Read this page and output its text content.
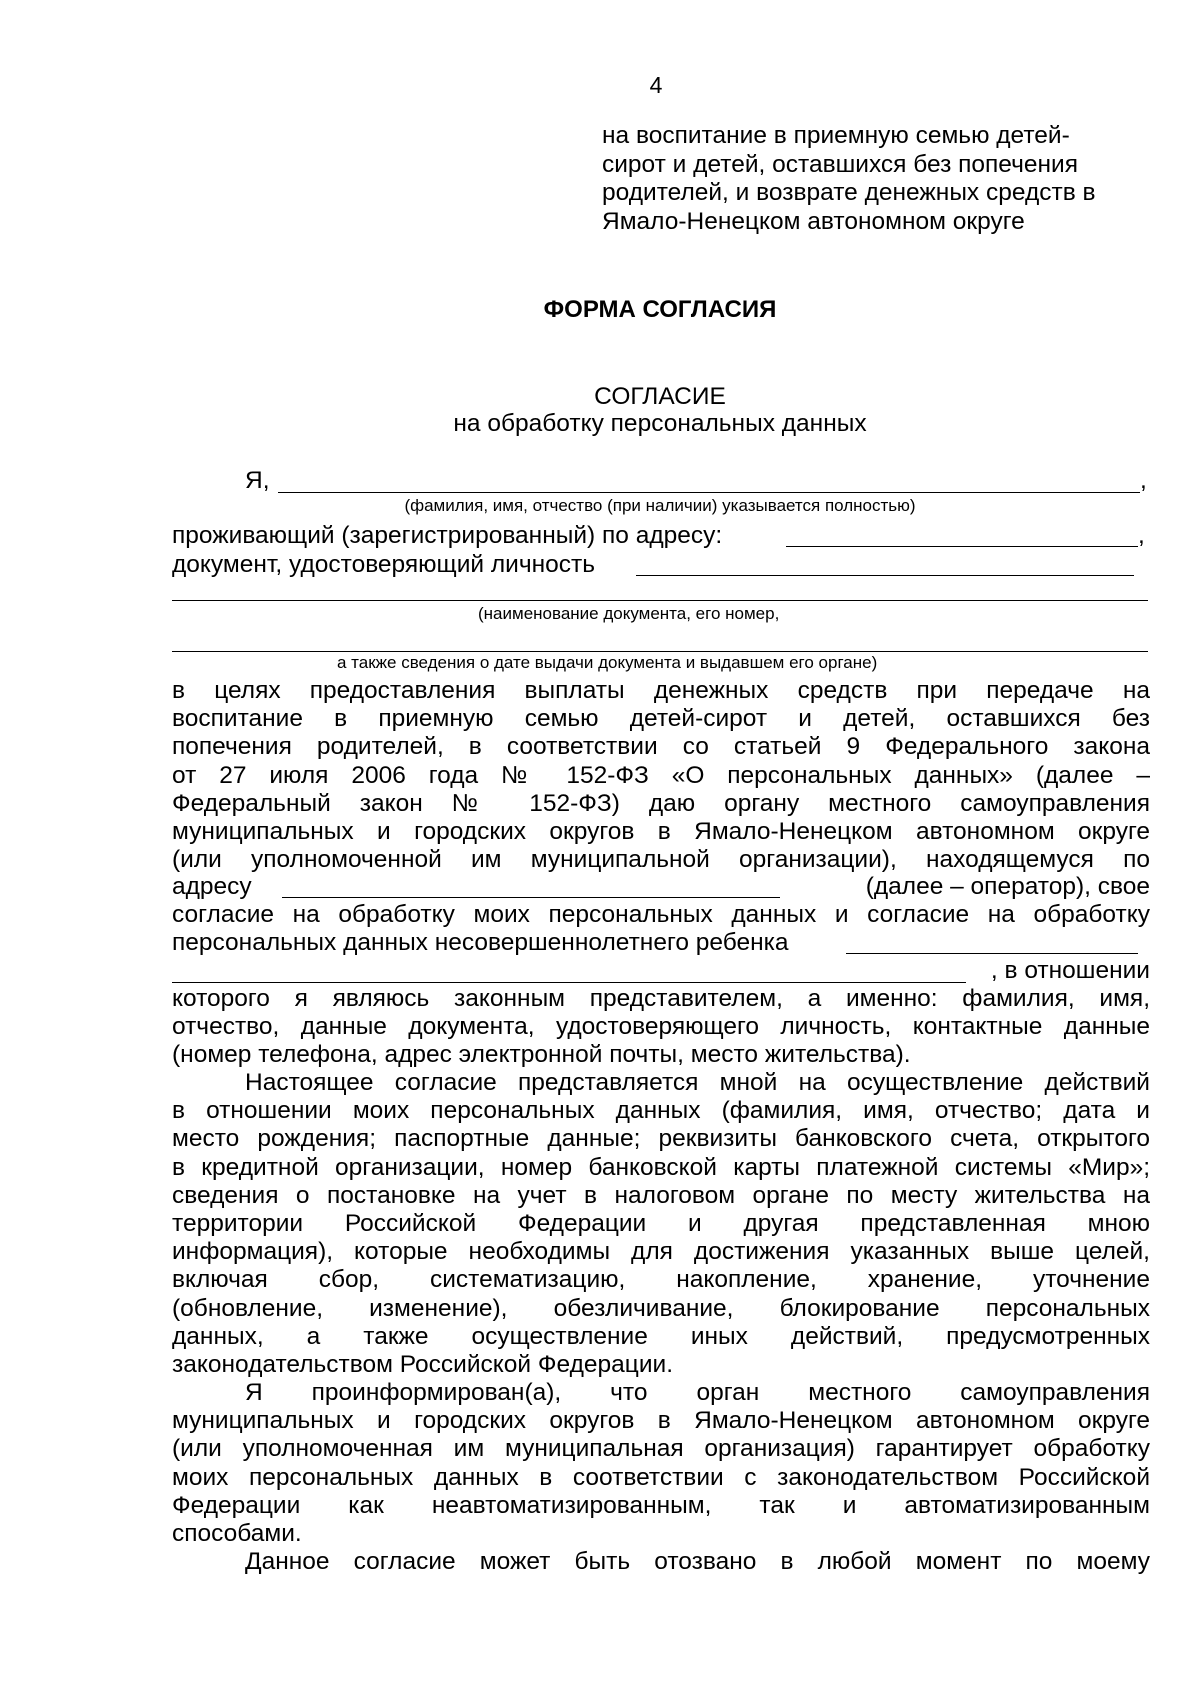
4
на воспитание в приемную семью детей-
сирот и детей, оставшихся без попечения
родителей, и возврате денежных средств в
Ямало-Ненецком автономном округе
ФОРМА СОГЛАСИЯ
СОГЛАСИЕ
на обработку персональных данных
Я,	,
(фамилия, имя, отчество (при наличии) указывается полностью)
проживающий (зарегистрированный) по адресу:	,
документ, удостоверяющий личность
(наименование документа, его номер,
а также сведения о дате выдачи документа и выдавшем его органе)
в целях предоставления выплаты денежных средств при передаче на
воспитание в приемную семью детей-сирот и детей, оставшихся без
попечения родителей, в соответствии со статьей 9 Федерального закона
от 27 июля 2006 года № 152-ФЗ «О персональных данных» (далее –
Федеральный закон № 152-ФЗ) даю органу местного самоуправления
муниципальных и городских округов в Ямало-Ненецком автономном округе
(или уполномоченной им муниципальной организации), находящемуся по
адресу	(далее – оператор), свое
согласие на обработку моих персональных данных и согласие на обработку
персональных данных несовершеннолетнего ребенка
, в отношении
которого я являюсь законным представителем, а именно: фамилия, имя,
отчество, данные документа, удостоверяющего личность, контактные данные
(номер телефона, адрес электронной почты, место жительства).
Настоящее согласие представляется мной на осуществление действий
в отношении моих персональных данных (фамилия, имя, отчество; дата и
место рождения; паспортные данные; реквизиты банковского счета, открытого
в кредитной организации, номер банковской карты платежной системы «Мир»;
сведения о постановке на учет в налоговом органе по месту жительства на
территории Российской Федерации и другая представленная мною
информация), которые необходимы для достижения указанных выше целей,
включая сбор, систематизацию, накопление, хранение, уточнение
(обновление, изменение), обезличивание, блокирование персональных
данных, а также осуществление иных действий, предусмотренных
законодательством Российской Федерации.
Я проинформирован(а), что орган местного самоуправления
муниципальных и городских округов в Ямало-Ненецком автономном округе
(или уполномоченная им муниципальная организация) гарантирует обработку
моих персональных данных в соответствии с законодательством Российской
Федерации как неавтоматизированным, так и автоматизированным
способами.
Данное согласие может быть отозвано в любой момент по моему
